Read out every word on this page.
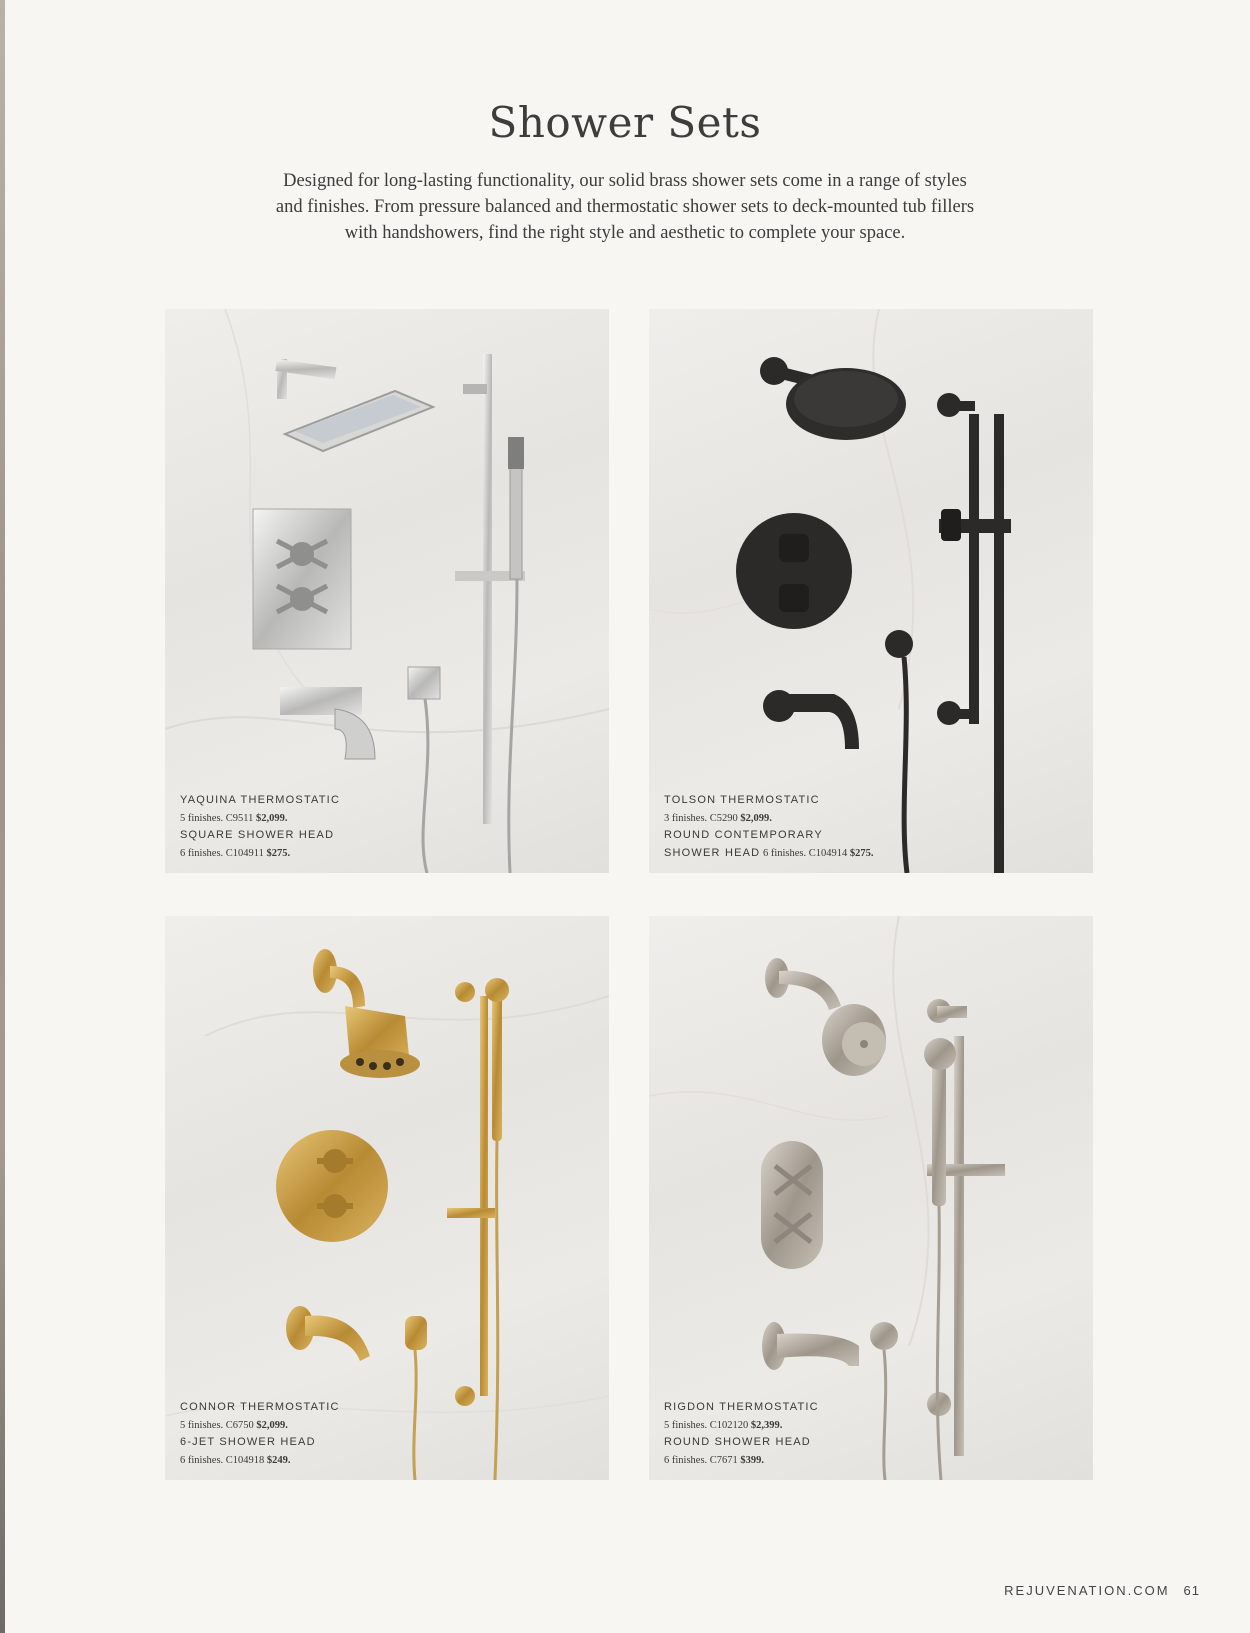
Shower Sets
Designed for long-lasting functionality, our solid brass shower sets come in a range of styles
and finishes. From pressure balanced and thermostatic shower sets to deck-mounted tub fillers
with handshowers, find the right style and aesthetic to complete your space.
YAQUINA THERMOSTATIC
5 finishes. C9511 $2,099.
SQUARE SHOWER HEAD
6 finishes. C104911 $275.
TOLSON THERMOSTATIC
3 finishes. C5290 $2,099.
ROUND CONTEMPORARY
SHOWER HEAD 6 finishes. C104914 $275.
CONNOR THERMOSTATIC
5 finishes. C6750 $2,099.
6-JET SHOWER HEAD
6 finishes. C104918 $249.
RIGDON THERMOSTATIC
5 finishes. C102120 $2,399.
ROUND SHOWER HEAD
6 finishes. C7671 $399.
REJUVENATION.COM 61
